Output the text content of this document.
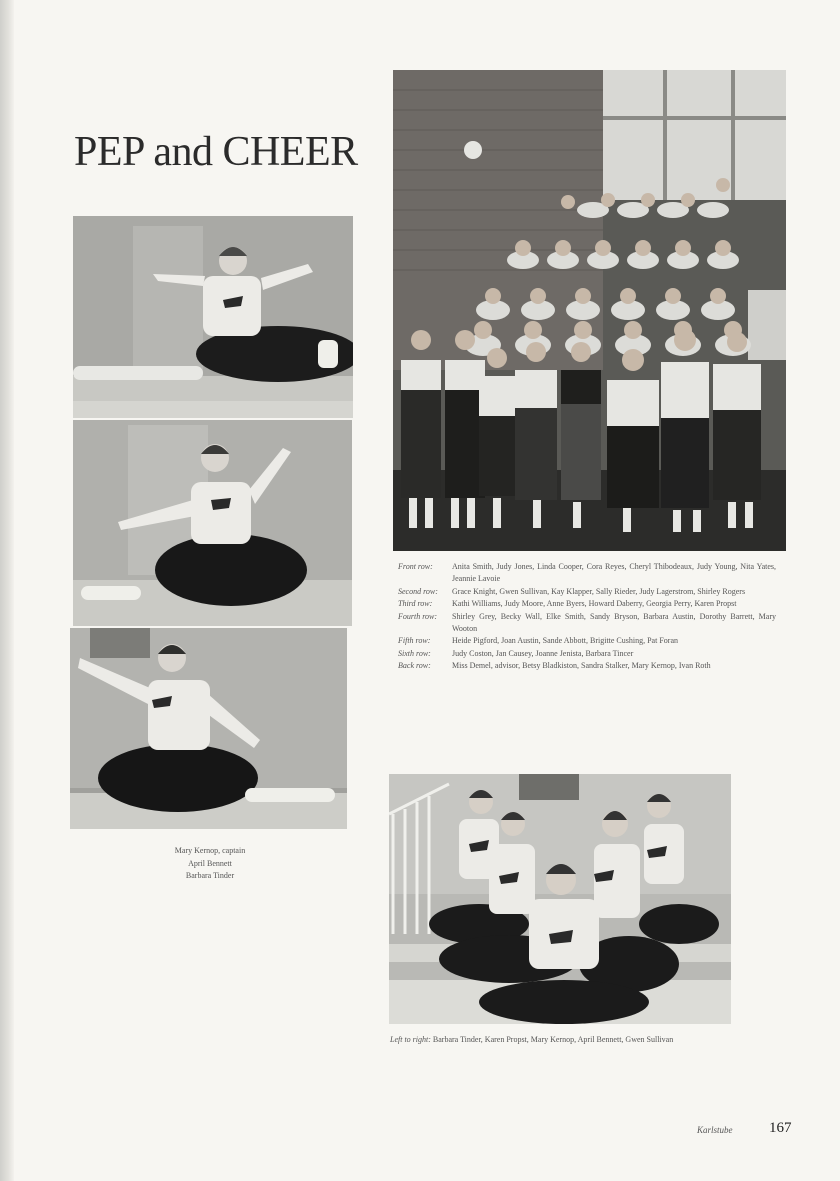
PEP and CHEER
Mary Kernop, captain
April Bennett
Barbara Tinder
Front row:	Anita Smith, Judy Jones, Linda Cooper, Cora Reyes, Cheryl Thibodeaux, Judy Young, Nita Yates, Jeannie Lavoie
Second row:	Grace Knight, Gwen Sullivan, Kay Klapper, Sally Rieder, Judy Lagerstrom, Shirley Rogers
Third row:	Kathi Williams, Judy Moore, Anne Byers, Howard Daberry, Georgia Perry, Karen Propst
Fourth row:	Shirley Grey, Becky Wall, Elke Smith, Sandy Bryson, Barbara Austin, Dorothy Barrett, Mary Wooton
Fifth row:	Heide Pigford, Joan Austin, Sande Abbott, Brigitte Cushing, Pat Foran
Sixth row:	Judy Coston, Jan Causey, Joanne Jenista, Barbara Tincer
Back row:	Miss Demel, advisor, Betsy Bladkiston, Sandra Stalker, Mary Kernop, Ivan Roth
Left to right: Barbara Tinder, Karen Propst, Mary Kernop, April Bennett, Gwen Sullivan
Karlstube 167
